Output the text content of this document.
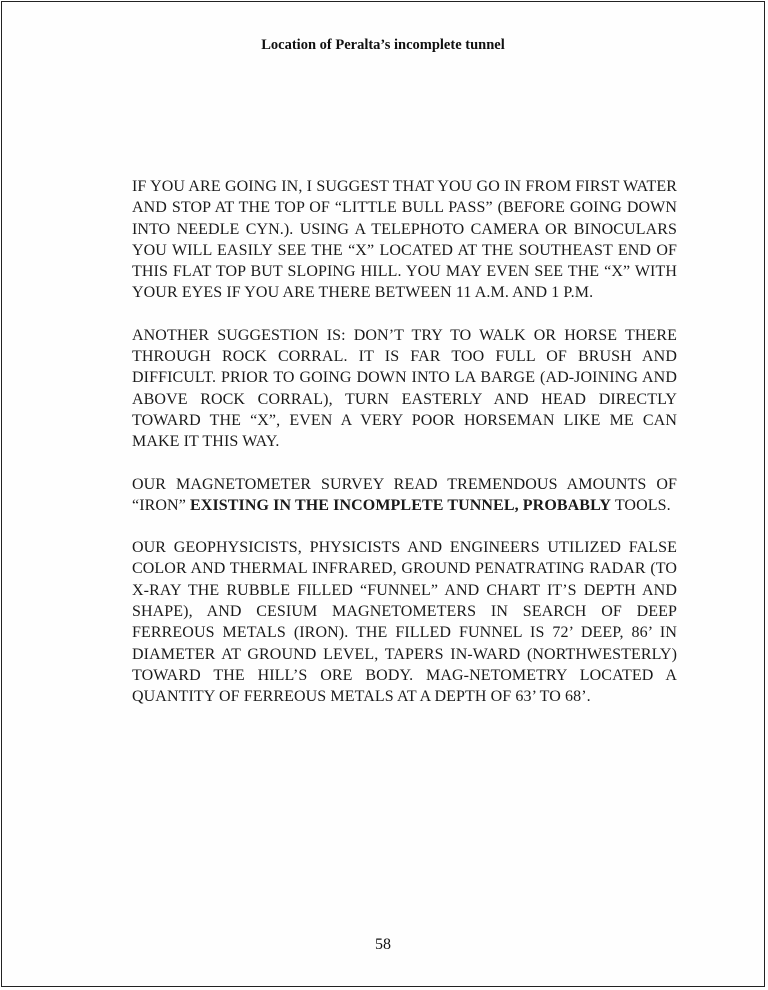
Location of Peralta’s incomplete tunnel

IF YOU ARE GOING IN, I SUGGEST THAT YOU GO IN FROM FIRST WATER AND STOP AT THE TOP OF “LITTLE BULL PASS” (BEFORE GOING DOWN INTO NEEDLE CYN.). USING A TELEPHOTO CAMERA OR BINOCULARS YOU WILL EASILY SEE THE “X” LOCATED AT THE SOUTHEAST END OF THIS FLAT TOP BUT SLOPING HILL. YOU MAY EVEN SEE THE “X” WITH YOUR EYES IF YOU ARE THERE BETWEEN 11 A.M. AND 1 P.M.

ANOTHER SUGGESTION IS: DON’T TRY TO WALK OR HORSE THERE THROUGH ROCK CORRAL. IT IS FAR TOO FULL OF BRUSH AND DIFFICULT. PRIOR TO GOING DOWN INTO LA BARGE (AD-JOINING AND ABOVE ROCK CORRAL), TURN EASTERLY AND HEAD DIRECTLY TOWARD THE “X”, EVEN A VERY POOR HORSEMAN LIKE ME CAN MAKE IT THIS WAY.

OUR MAGNETOMETER SURVEY READ TREMENDOUS AMOUNTS OF “IRON” EXISTING IN THE INCOMPLETE TUNNEL, PROBABLY TOOLS.

OUR GEOPHYSICISTS, PHYSICISTS AND ENGINEERS UTILIZED FALSE COLOR AND THERMAL INFRARED, GROUND PENATRATING RADAR (TO X-RAY THE RUBBLE FILLED “FUNNEL” AND CHART IT’S DEPTH AND SHAPE), AND CESIUM MAGNETOMETERS IN SEARCH OF DEEP FERREOUS METALS (IRON). THE FILLED FUNNEL IS 72’ DEEP, 86’ IN DIAMETER AT GROUND LEVEL, TAPERS IN-WARD (NORTHWESTERLY) TOWARD THE HILL’S ORE BODY. MAG-NETOMETRY LOCATED A QUANTITY OF FERREOUS METALS AT A DEPTH OF 63’ TO 68’.

58
